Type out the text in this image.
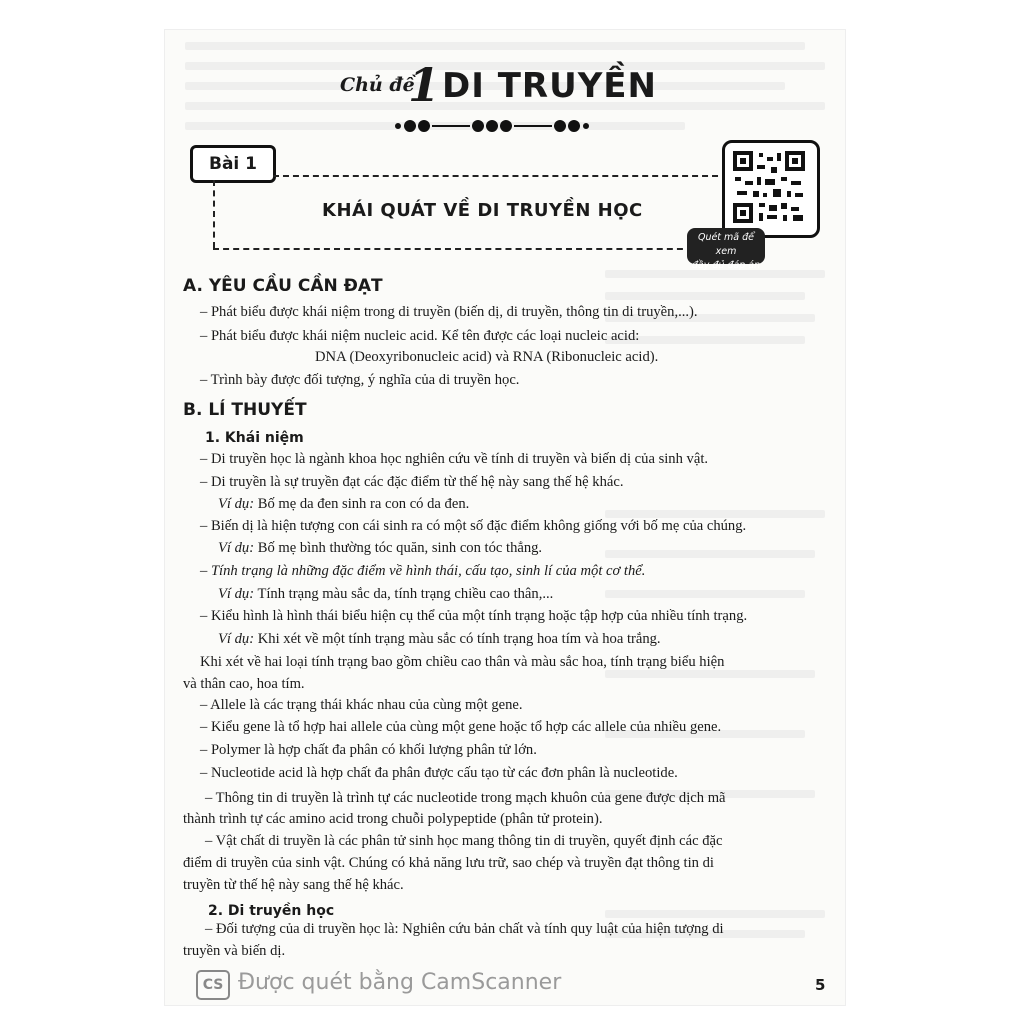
Chủ đề
1 DI TRUYỀN
Bài 1
KHÁI QUÁT VỀ DI TRUYỀN HỌC
Quét mã để xem
đầy đủ đáp án
A. YÊU CẦU CẦN ĐẠT
– Phát biểu được khái niệm trong di truyền (biến dị, di truyền, thông tin di truyền,...).
– Phát biểu được khái niệm nucleic acid. Kể tên được các loại nucleic acid:
DNA (Deoxyribonucleic acid) và RNA (Ribonucleic acid).
– Trình bày được đối tượng, ý nghĩa của di truyền học.
B. LÍ THUYẾT
1. Khái niệm
– Di truyền học là ngành khoa học nghiên cứu về tính di truyền và biến dị của sinh vật.
– Di truyền là sự truyền đạt các đặc điểm từ thế hệ này sang thế hệ khác.
Ví dụ: Bố mẹ da đen sinh ra con có da đen.
– Biến dị là hiện tượng con cái sinh ra có một số đặc điểm không giống với bố mẹ của chúng.
Ví dụ: Bố mẹ bình thường tóc quăn, sinh con tóc thẳng.
– Tính trạng là những đặc điểm về hình thái, cấu tạo, sinh lí của một cơ thể.
Ví dụ: Tính trạng màu sắc da, tính trạng chiều cao thân,...
– Kiểu hình là hình thái biểu hiện cụ thể của một tính trạng hoặc tập hợp của nhiều tính trạng.
Ví dụ: Khi xét về một tính trạng màu sắc có tính trạng hoa tím và hoa trắng.
Khi xét về hai loại tính trạng bao gồm chiều cao thân và màu sắc hoa, tính trạng biểu hiện
và thân cao, hoa tím.
– Allele là các trạng thái khác nhau của cùng một gene.
– Kiểu gene là tổ hợp hai allele của cùng một gene hoặc tổ hợp các allele của nhiều gene.
– Polymer là hợp chất đa phân có khối lượng phân tử lớn.
– Nucleotide acid là hợp chất đa phân được cấu tạo từ các đơn phân là nucleotide.
– Thông tin di truyền là trình tự các nucleotide trong mạch khuôn của gene được dịch mã
thành trình tự các amino acid trong chuỗi polypeptide (phân tử protein).
– Vật chất di truyền là các phân tử sinh học mang thông tin di truyền, quyết định các đặc
điểm di truyền của sinh vật. Chúng có khả năng lưu trữ, sao chép và truyền đạt thông tin di
truyền từ thế hệ này sang thế hệ khác.
2. Di truyền học
– Đối tượng của di truyền học là: Nghiên cứu bản chất và tính quy luật của hiện tượng di
truyền và biến dị.
CS Được quét bằng CamScanner	5
